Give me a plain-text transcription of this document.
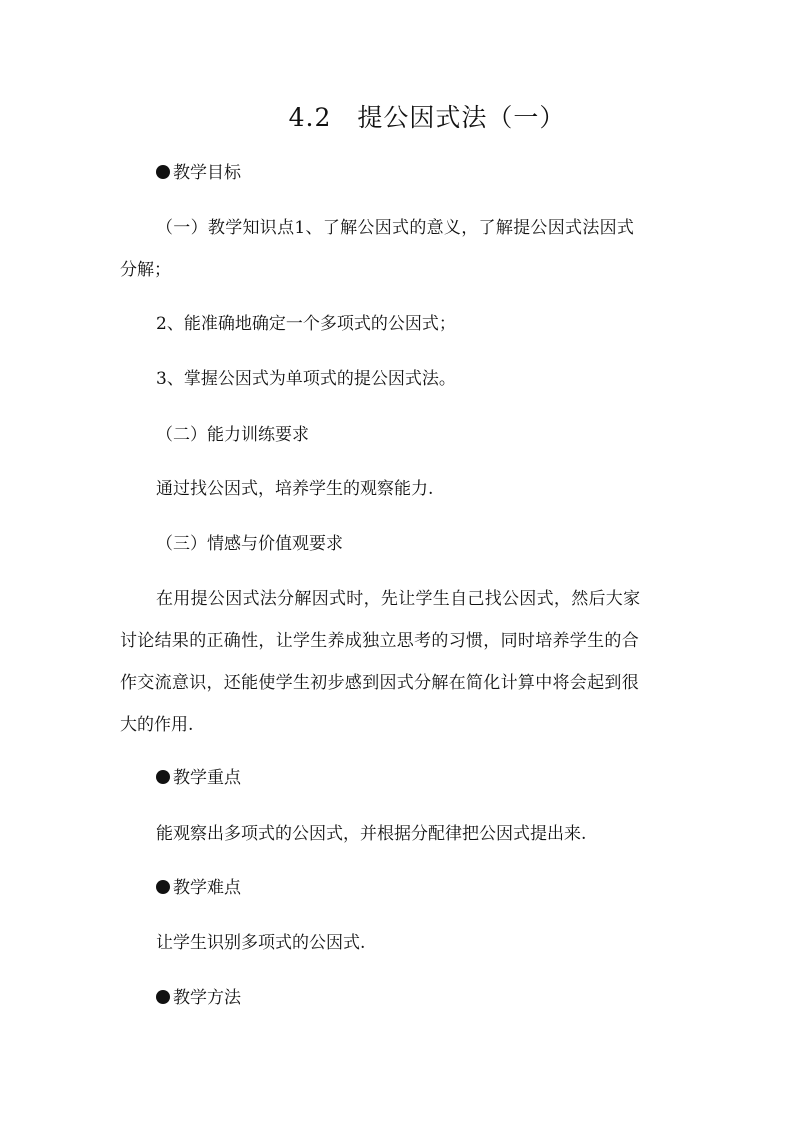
4.2　提公因式法（一）
教学目标
（一）教学知识点1、了解公因式的意义，了解提公因式法因式
分解；
2、能准确地确定一个多项式的公因式；
3、掌握公因式为单项式的提公因式法。
（二）能力训练要求
通过找公因式，培养学生的观察能力.
（三）情感与价值观要求
在用提公因式法分解因式时，先让学生自己找公因式，然后大家
讨论结果的正确性，让学生养成独立思考的习惯，同时培养学生的合
作交流意识，还能使学生初步感到因式分解在简化计算中将会起到很
大的作用.
教学重点
能观察出多项式的公因式，并根据分配律把公因式提出来.
教学难点
让学生识别多项式的公因式.
教学方法
